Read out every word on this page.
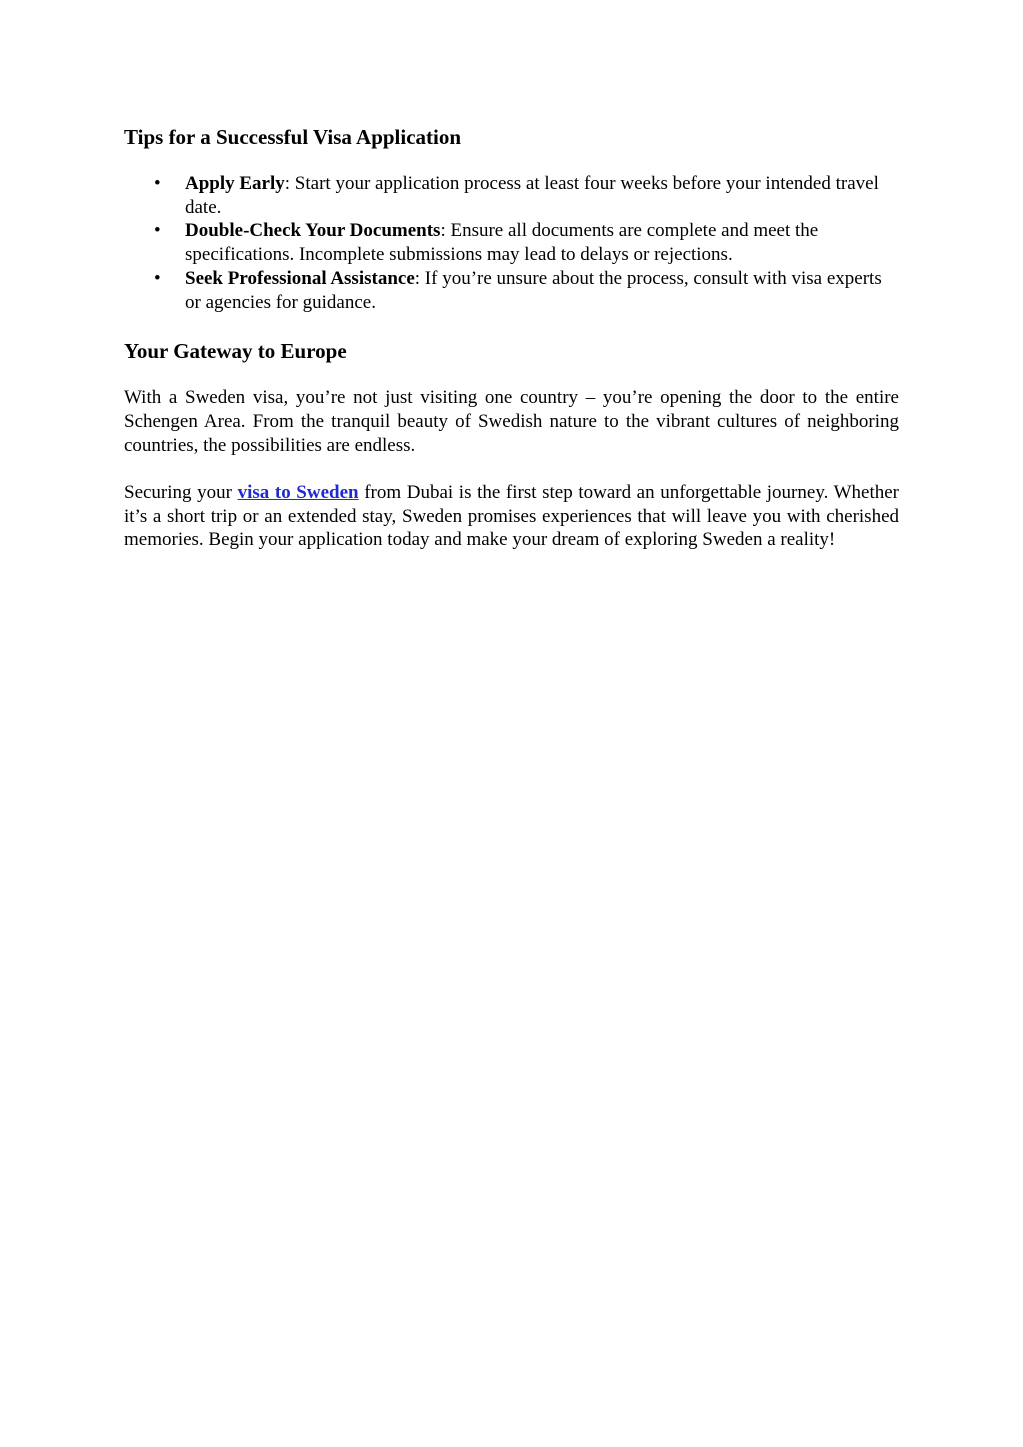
Tips for a Successful Visa Application
• Apply Early: Start your application process at least four weeks before your intended travel date.
• Double-Check Your Documents: Ensure all documents are complete and meet the specifications. Incomplete submissions may lead to delays or rejections.
• Seek Professional Assistance: If you’re unsure about the process, consult with visa experts or agencies for guidance.
Your Gateway to Europe

With a Sweden visa, you’re not just visiting one country – you’re opening the door to the entire Schengen Area. From the tranquil beauty of Swedish nature to the vibrant cultures of neighboring countries, the possibilities are endless.

Securing your visa to Sweden from Dubai is the first step toward an unforgettable journey. Whether it’s a short trip or an extended stay, Sweden promises experiences that will leave you with cherished memories. Begin your application today and make your dream of exploring Sweden a reality!
